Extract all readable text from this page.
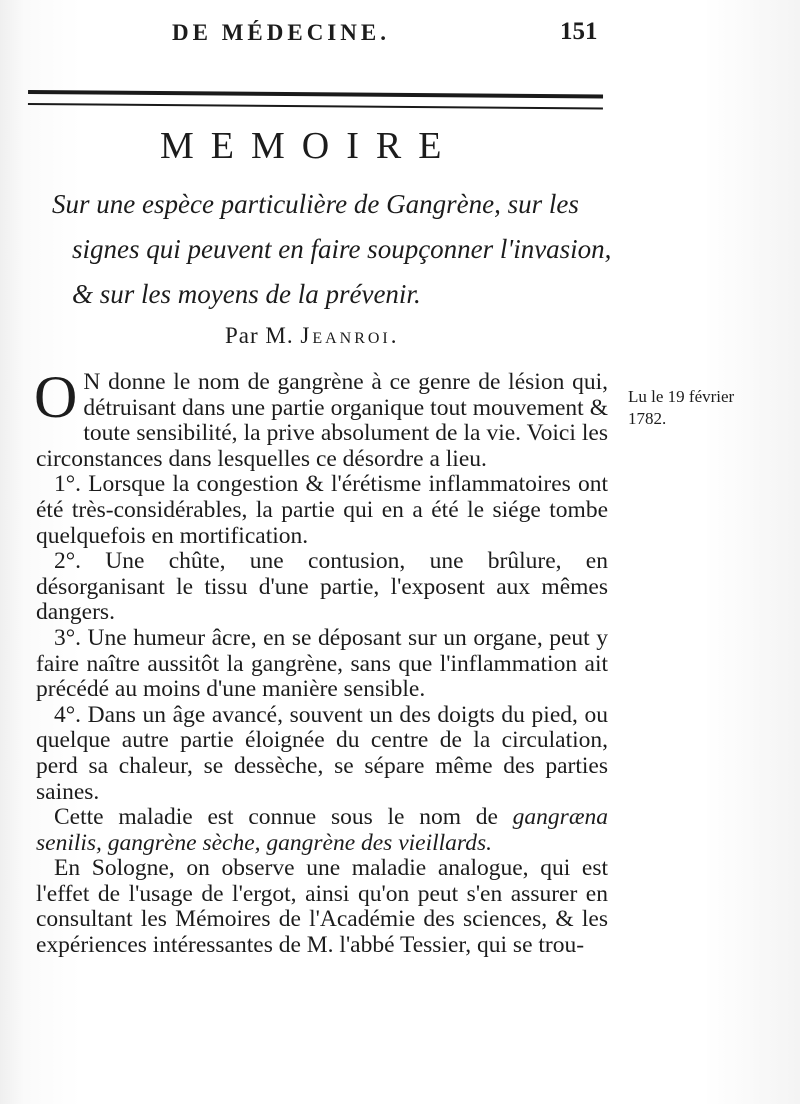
DE MÉDECINE.	151
MEMOIRE
Sur une espèce particulière de Gangrène, sur les
signes qui peuvent en faire soupçonner l'invasion,
& sur les moyens de la prévenir.
Par M. Jeanroi.
Lu le 19 février
1782.

O N donne le nom de gangrène à ce genre de lésion qui, détruisant dans une partie organique tout mouvement & toute sensibilité, la prive absolument de la vie. Voici les circonstances dans lesquelles ce désordre a lieu.

1°. Lorsque la congestion & l'érétisme inflammatoires ont été très-considérables, la partie qui en a été le siége tombe quelquefois en mortification.

2°. Une chûte, une contusion, une brûlure, en désorganisant le tissu d'une partie, l'exposent aux mêmes dangers.

3°. Une humeur âcre, en se déposant sur un organe, peut y faire naître aussitôt la gangrène, sans que l'inflammation ait précédé au moins d'une manière sensible.

4°. Dans un âge avancé, souvent un des doigts du pied, ou quelque autre partie éloignée du centre de la circulation, perd sa chaleur, se dessèche, se sépare même des parties saines.

Cette maladie est connue sous le nom de gangræna senilis, gangrène sèche, gangrène des vieillards.

En Sologne, on observe une maladie analogue, qui est l'effet de l'usage de l'ergot, ainsi qu'on peut s'en assurer en consultant les Mémoires de l'Académie des sciences, & les expériences intéressantes de M. l'abbé Tessier, qui se trou-
